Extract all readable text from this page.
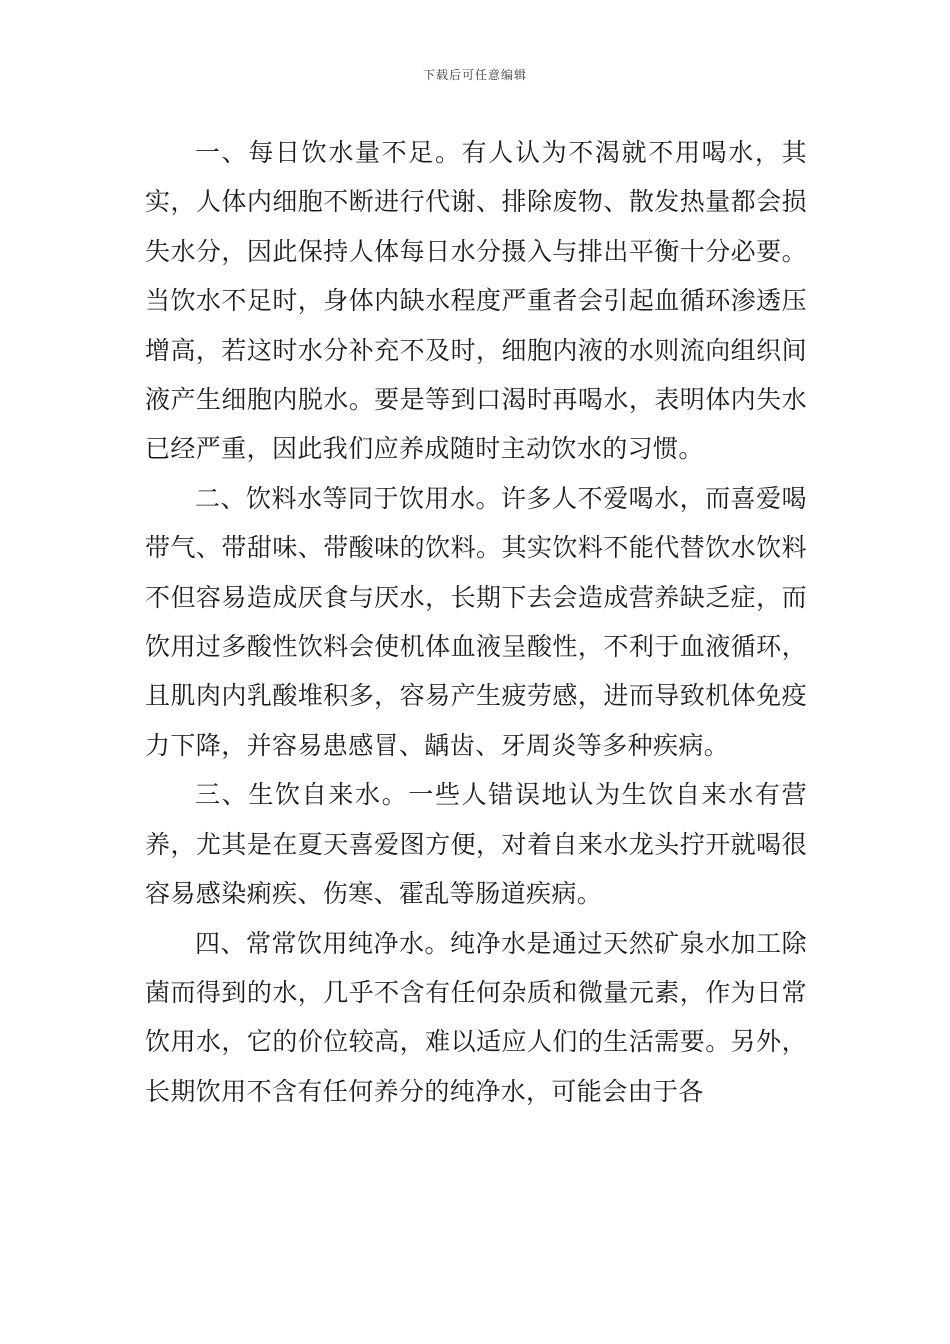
下载后可任意编辑

一、每日饮水量不足。有人认为不渴就不用喝水，其实，人体内细胞不断进行代谢、排除废物、散发热量都会损失水分，因此保持人体每日水分摄入与排出平衡十分必要。当饮水不足时，身体内缺水程度严重者会引起血循环渗透压增高，若这时水分补充不及时，细胞内液的水则流向组织间液产生细胞内脱水。要是等到口渴时再喝水，表明体内失水已经严重，因此我们应养成随时主动饮水的习惯。

二、饮料水等同于饮用水。许多人不爱喝水，而喜爱喝带气、带甜味、带酸味的饮料。其实饮料不能代替饮水饮料不但容易造成厌食与厌水，长期下去会造成营养缺乏症，而饮用过多酸性饮料会使机体血液呈酸性，不利于血液循环，且肌肉内乳酸堆积多，容易产生疲劳感，进而导致机体免疫力下降，并容易患感冒、龋齿、牙周炎等多种疾病。

三、生饮自来水。一些人错误地认为生饮自来水有营养，尤其是在夏天喜爱图方便，对着自来水龙头拧开就喝很容易感染痢疾、伤寒、霍乱等肠道疾病。

四、常常饮用纯净水。纯净水是通过天然矿泉水加工除菌而得到的水，几乎不含有任何杂质和微量元素，作为日常饮用水，它的价位较高，难以适应人们的生活需要。另外，长期饮用不含有任何养分的纯净水，可能会由于各
